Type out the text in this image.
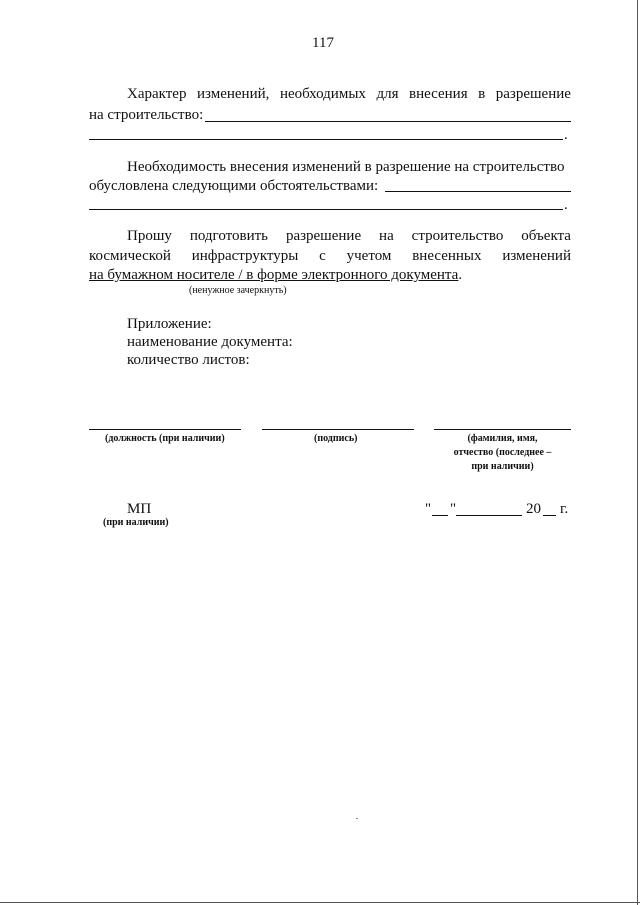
117
Характер изменений, необходимых для внесения в разрешение
на строительство:
.
Необходимость внесения изменений в разрешение на строительство
обусловлена следующими обстоятельствами:
.
Прошу подготовить разрешение на строительство объекта
космической инфраструктуры с учетом внесенных изменений
на бумажном носителе / в форме электронного документа.
(ненужное зачеркнуть)
Приложение:
наименование документа:
количество листов:
(должность (при наличии)	(подпись)	(фамилия, имя,
отчество (последнее –
при наличии)
МП
(при наличии)
" "	20 г.
